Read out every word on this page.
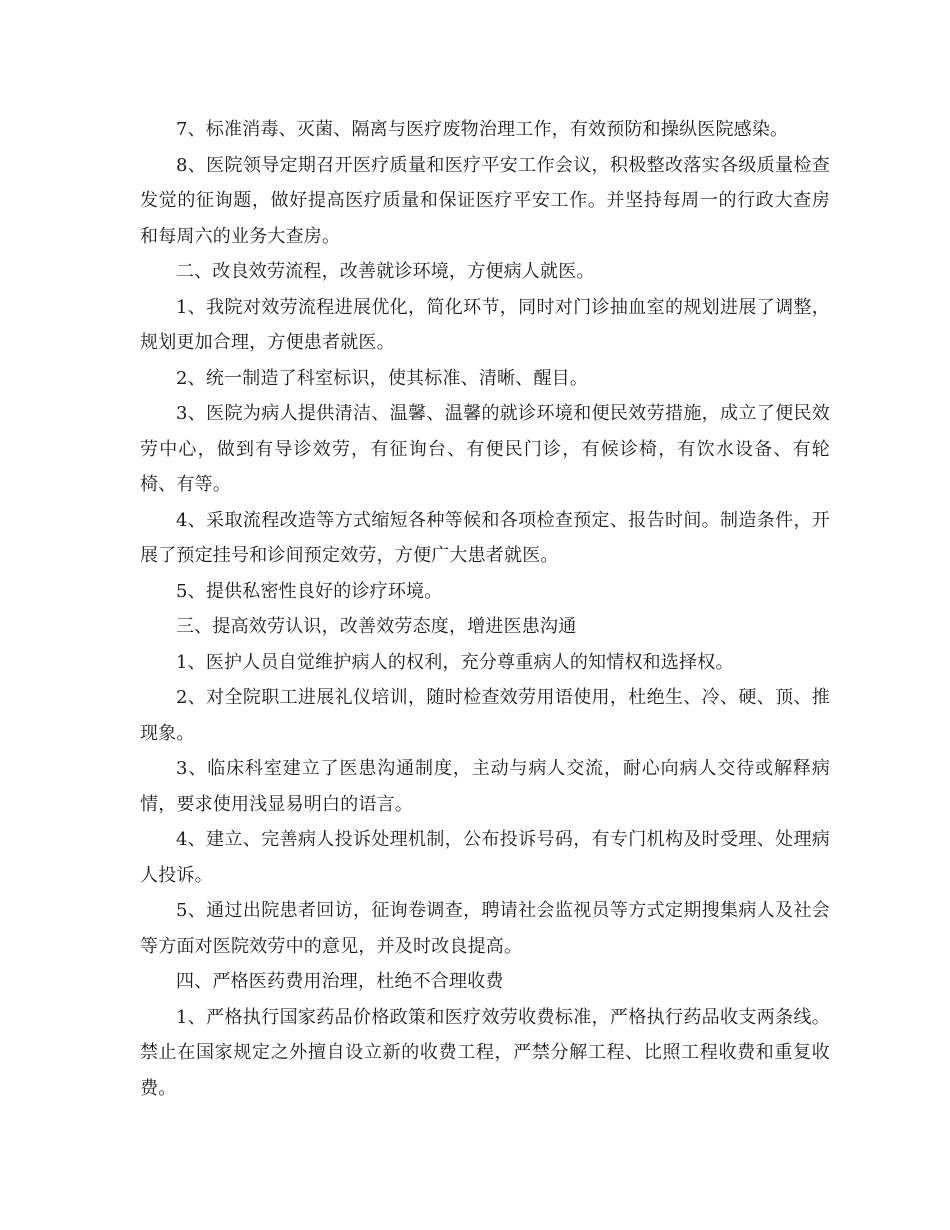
7、标准消毒、灭菌、隔离与医疗废物治理工作，有效预防和操纵医院感染。

8、医院领导定期召开医疗质量和医疗平安工作会议，积极整改落实各级质量检查发觉的征询题，做好提高医疗质量和保证医疗平安工作。并坚持每周一的行政大查房和每周六的业务大查房。

二、改良效劳流程，改善就诊环境，方便病人就医。

1、我院对效劳流程进展优化，简化环节，同时对门诊抽血室的规划进展了调整，规划更加合理，方便患者就医。

2、统一制造了科室标识，使其标准、清晰、醒目。

3、医院为病人提供清洁、温馨、温馨的就诊环境和便民效劳措施，成立了便民效劳中心，做到有导诊效劳，有征询台、有便民门诊，有候诊椅，有饮水设备、有轮椅、有等。

4、采取流程改造等方式缩短各种等候和各项检查预定、报告时间。制造条件，开展了预定挂号和诊间预定效劳，方便广大患者就医。

5、提供私密性良好的诊疗环境。

三、提高效劳认识，改善效劳态度，增进医患沟通

1、医护人员自觉维护病人的权利，充分尊重病人的知情权和选择权。

2、对全院职工进展礼仪培训，随时检查效劳用语使用，杜绝生、冷、硬、顶、推现象。

3、临床科室建立了医患沟通制度，主动与病人交流，耐心向病人交待或解释病情，要求使用浅显易明白的语言。

4、建立、完善病人投诉处理机制，公布投诉号码，有专门机构及时受理、处理病人投诉。

5、通过出院患者回访，征询卷调查，聘请社会监视员等方式定期搜集病人及社会等方面对医院效劳中的意见，并及时改良提高。

四、严格医药费用治理，杜绝不合理收费

1、严格执行国家药品价格政策和医疗效劳收费标准，严格执行药品收支两条线。禁止在国家规定之外擅自设立新的收费工程，严禁分解工程、比照工程收费和重复收费。
